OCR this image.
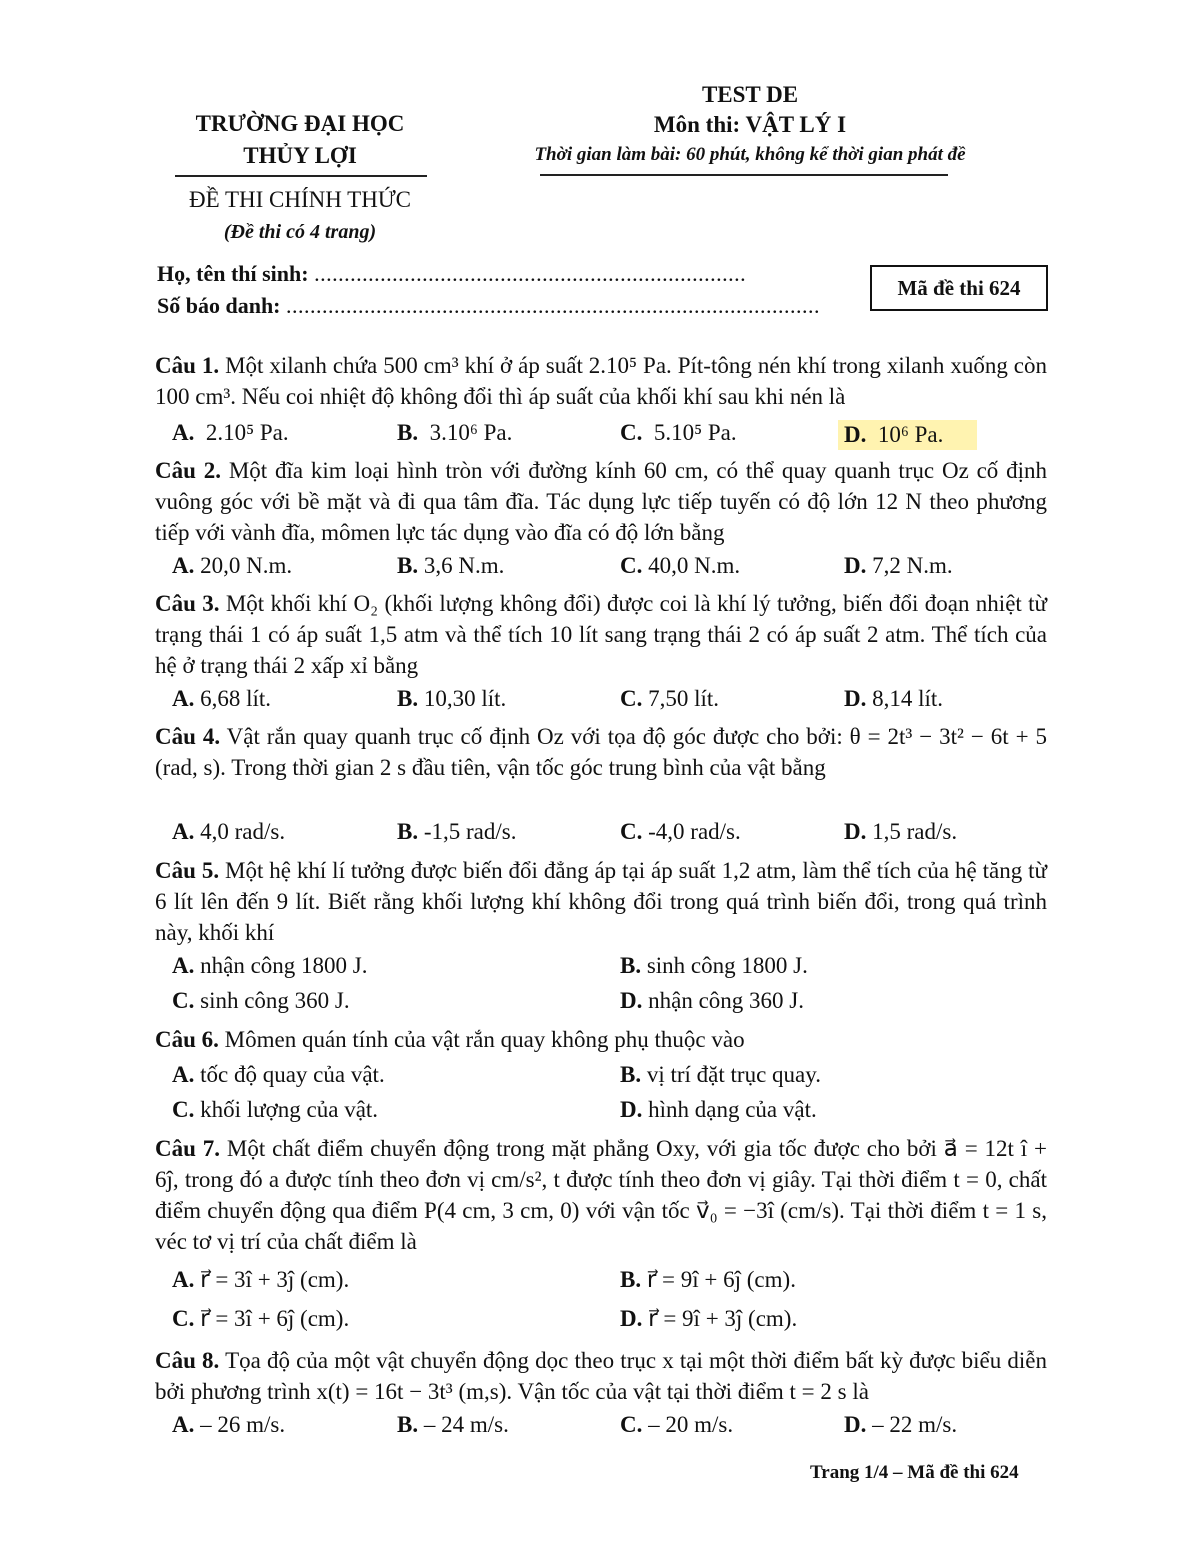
TRƯỜNG ĐẠI HỌC
THỦY LỢI
TEST DE
Môn thi: VẬT LÝ I
Thời gian làm bài: 60 phút, không kể thời gian phát đề
ĐỀ THI CHÍNH THỨC
(Đề thi có 4 trang)
Họ, tên thí sinh: ........................................................................
Số báo danh: .........................................................................................
Mã đề thi 624
Câu 1. Một xilanh chứa 500 cm³ khí ở áp suất 2.10⁵ Pa. Pít-tông nén khí trong xilanh xuống còn 100 cm³. Nếu coi nhiệt độ không đổi thì áp suất của khối khí sau khi nén là
A. 2.10⁵ Pa.	B. 3.10⁶ Pa.	C. 5.10⁵ Pa.	D. 10⁶ Pa.
Câu 2. Một đĩa kim loại hình tròn với đường kính 60 cm, có thể quay quanh trục Oz cố định vuông góc với bề mặt và đi qua tâm đĩa. Tác dụng lực tiếp tuyến có độ lớn 12 N theo phương tiếp với vành đĩa, mômen lực tác dụng vào đĩa có độ lớn bằng
A. 20,0 N.m.	B. 3,6 N.m.	C. 40,0 N.m.	D. 7,2 N.m.
Câu 3. Một khối khí O₂ (khối lượng không đổi) được coi là khí lý tưởng, biến đổi đoạn nhiệt từ trạng thái 1 có áp suất 1,5 atm và thể tích 10 lít sang trạng thái 2 có áp suất 2 atm. Thể tích của hệ ở trạng thái 2 xấp xỉ bằng
A. 6,68 lít.	B. 10,30 lít.	C. 7,50 lít.	D. 8,14 lít.
Câu 4. Vật rắn quay quanh trục cố định Oz với tọa độ góc được cho bởi: θ = 2t³ − 3t² − 6t + 5 (rad, s). Trong thời gian 2 s đầu tiên, vận tốc góc trung bình của vật bằng
A. 4,0 rad/s.	B. -1,5 rad/s.	C. -4,0 rad/s.	D. 1,5 rad/s.
Câu 5. Một hệ khí lí tưởng được biến đổi đẳng áp tại áp suất 1,2 atm, làm thể tích của hệ tăng từ 6 lít lên đến 9 lít. Biết rằng khối lượng khí không đổi trong quá trình biến đổi, trong quá trình này, khối khí
A. nhận công 1800 J.	B. sinh công 1800 J.
C. sinh công 360 J.	D. nhận công 360 J.
Câu 6. Mômen quán tính của vật rắn quay không phụ thuộc vào
A. tốc độ quay của vật.	B. vị trí đặt trục quay.
C. khối lượng của vật.	D. hình dạng của vật.
Câu 7. Một chất điểm chuyển động trong mặt phẳng Oxy, với gia tốc được cho bởi a⃗ = 12t î + 6ĵ, trong đó a được tính theo đơn vị cm/s², t được tính theo đơn vị giây. Tại thời điểm t = 0, chất điểm chuyển động qua điểm P(4 cm, 3 cm, 0) với vận tốc v⃗₀ = −3î (cm/s). Tại thời điểm t = 1 s, véc tơ vị trí của chất điểm là
A. r⃗ = 3î + 3ĵ (cm).	B. r⃗ = 9î + 6ĵ (cm).
C. r⃗ = 3î + 6ĵ (cm).	D. r⃗ = 9î + 3ĵ (cm).
Câu 8. Tọa độ của một vật chuyển động dọc theo trục x tại một thời điểm bất kỳ được biểu diễn bởi phương trình x(t) = 16t − 3t³ (m,s). Vận tốc của vật tại thời điểm t = 2 s là
A. – 26 m/s.	B. – 24 m/s.	C. – 20 m/s.	D. – 22 m/s.
Trang 1/4 – Mã đề thi 624
